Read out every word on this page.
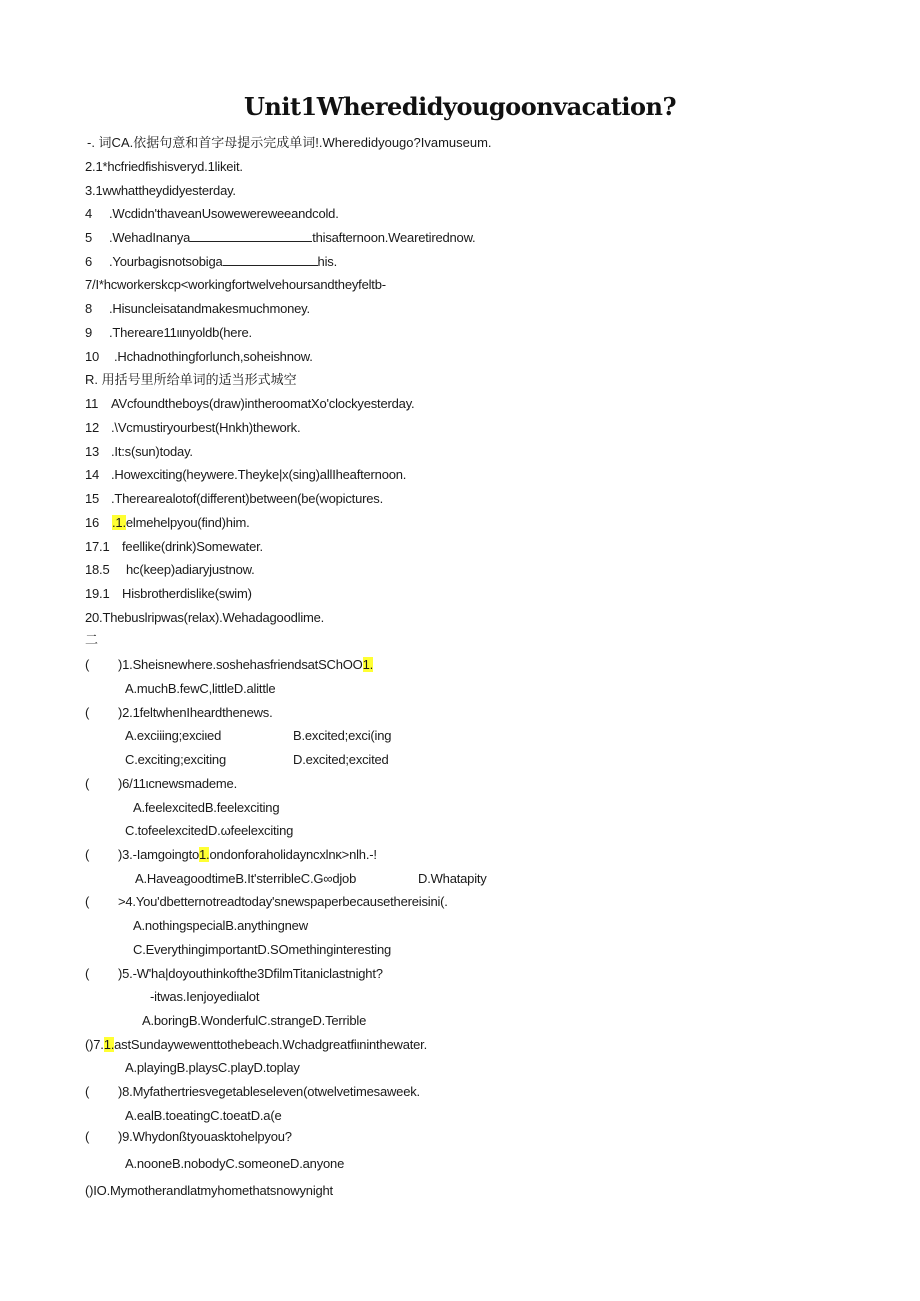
Unit1Wheredidyougoonvacation?
-. 词CA.依据句意和首字母提示完成单词!.Wheredidyougo?Ivamuseum.
2.1*hcfriedfishisveryd.1likeit.
3.1wwhattheydidyesterday.
4 .Wcdidn'thaveanUsowewereweeandcold.
5 .WehadInanya	thisafternoon.Wearetirednow.
6 .Yourbagisnotsobiga	his.
7/I*hcworkerskcp<workingfortwelvehoursandtheyfeltb-
8 .Hisuncleisatandmakesmuchmoney.
9 .Thereare11ιιnyoldb(here.
10 .Hchadnothingforlunch,soheishnow.
R. 用括号里所给单词的适当形式城空
11 AVcfoundtheboys(draw)intheroomatXo'clockyesterday.
12 .\Vcmustiryourbest(Hnkh)thework.
13 .It:s(sun)today.
14 .Howexciting(heywere.Theyke|x(sing)allIheafternoon.
15 .Therearealotof(different)between(be(wopictures.
16 .1.elmehelpyou(find)him.
17.1 feellike(drink)Somewater.
18.5 hc(keep)adiaryjustnow.
19.1 Hisbrotherdislike(swim)
20.Thebuslripwas(relax).Wehadagoodlime.
二
( )1.Sheisnewhere.soshehasfriendsatSChOO1.
A.muchB.fewC,littleD.alittle
( )2.1feltwhenIheardthenews.
A.exciiing;exciιed	B.excited;exci(ing
C.exciting;exciting	D.excited;excited
( )6/11ιcnewsmademe.
A.feelexcitedB.feelexciting
C.tofeelexcitedD.ωfeelexciting
( )3.-Iamgoingto1.ondonforaholidayncxlnκ>nlh.-!
A.HaveagoodtimeB.It'sterribleC.G∞djob	D.Whatapity
( >4.You'dbetternotreadtoday'snewspaperbecausethereisini(.
A.nothingspecialB.anythingnew
C.EverythingimportantD.SOmethinginteresting
( )5.-W'ha|doyouthinkofthe3DfilmTitaniclastnight?
-itwas.Ienjoyediιalot
A.boringB.WonderfulC.strangeD.Terrible
()7.1.astSundaywewenttothebeach.Wchadgreatfiιninthewater.
A.playingB.playsC.playD.toplay
( )8.Myfathertriesvegetableseleven(otwelvetimesaweek.
A.ealB.toeatingC.toeatD.a(e
( )9.Whydonßtyouasktohelpyou?
A.nooneB.nobodyC.someoneD.anyone
()IO.Mymotherandlatmyhomethatsnowynight
